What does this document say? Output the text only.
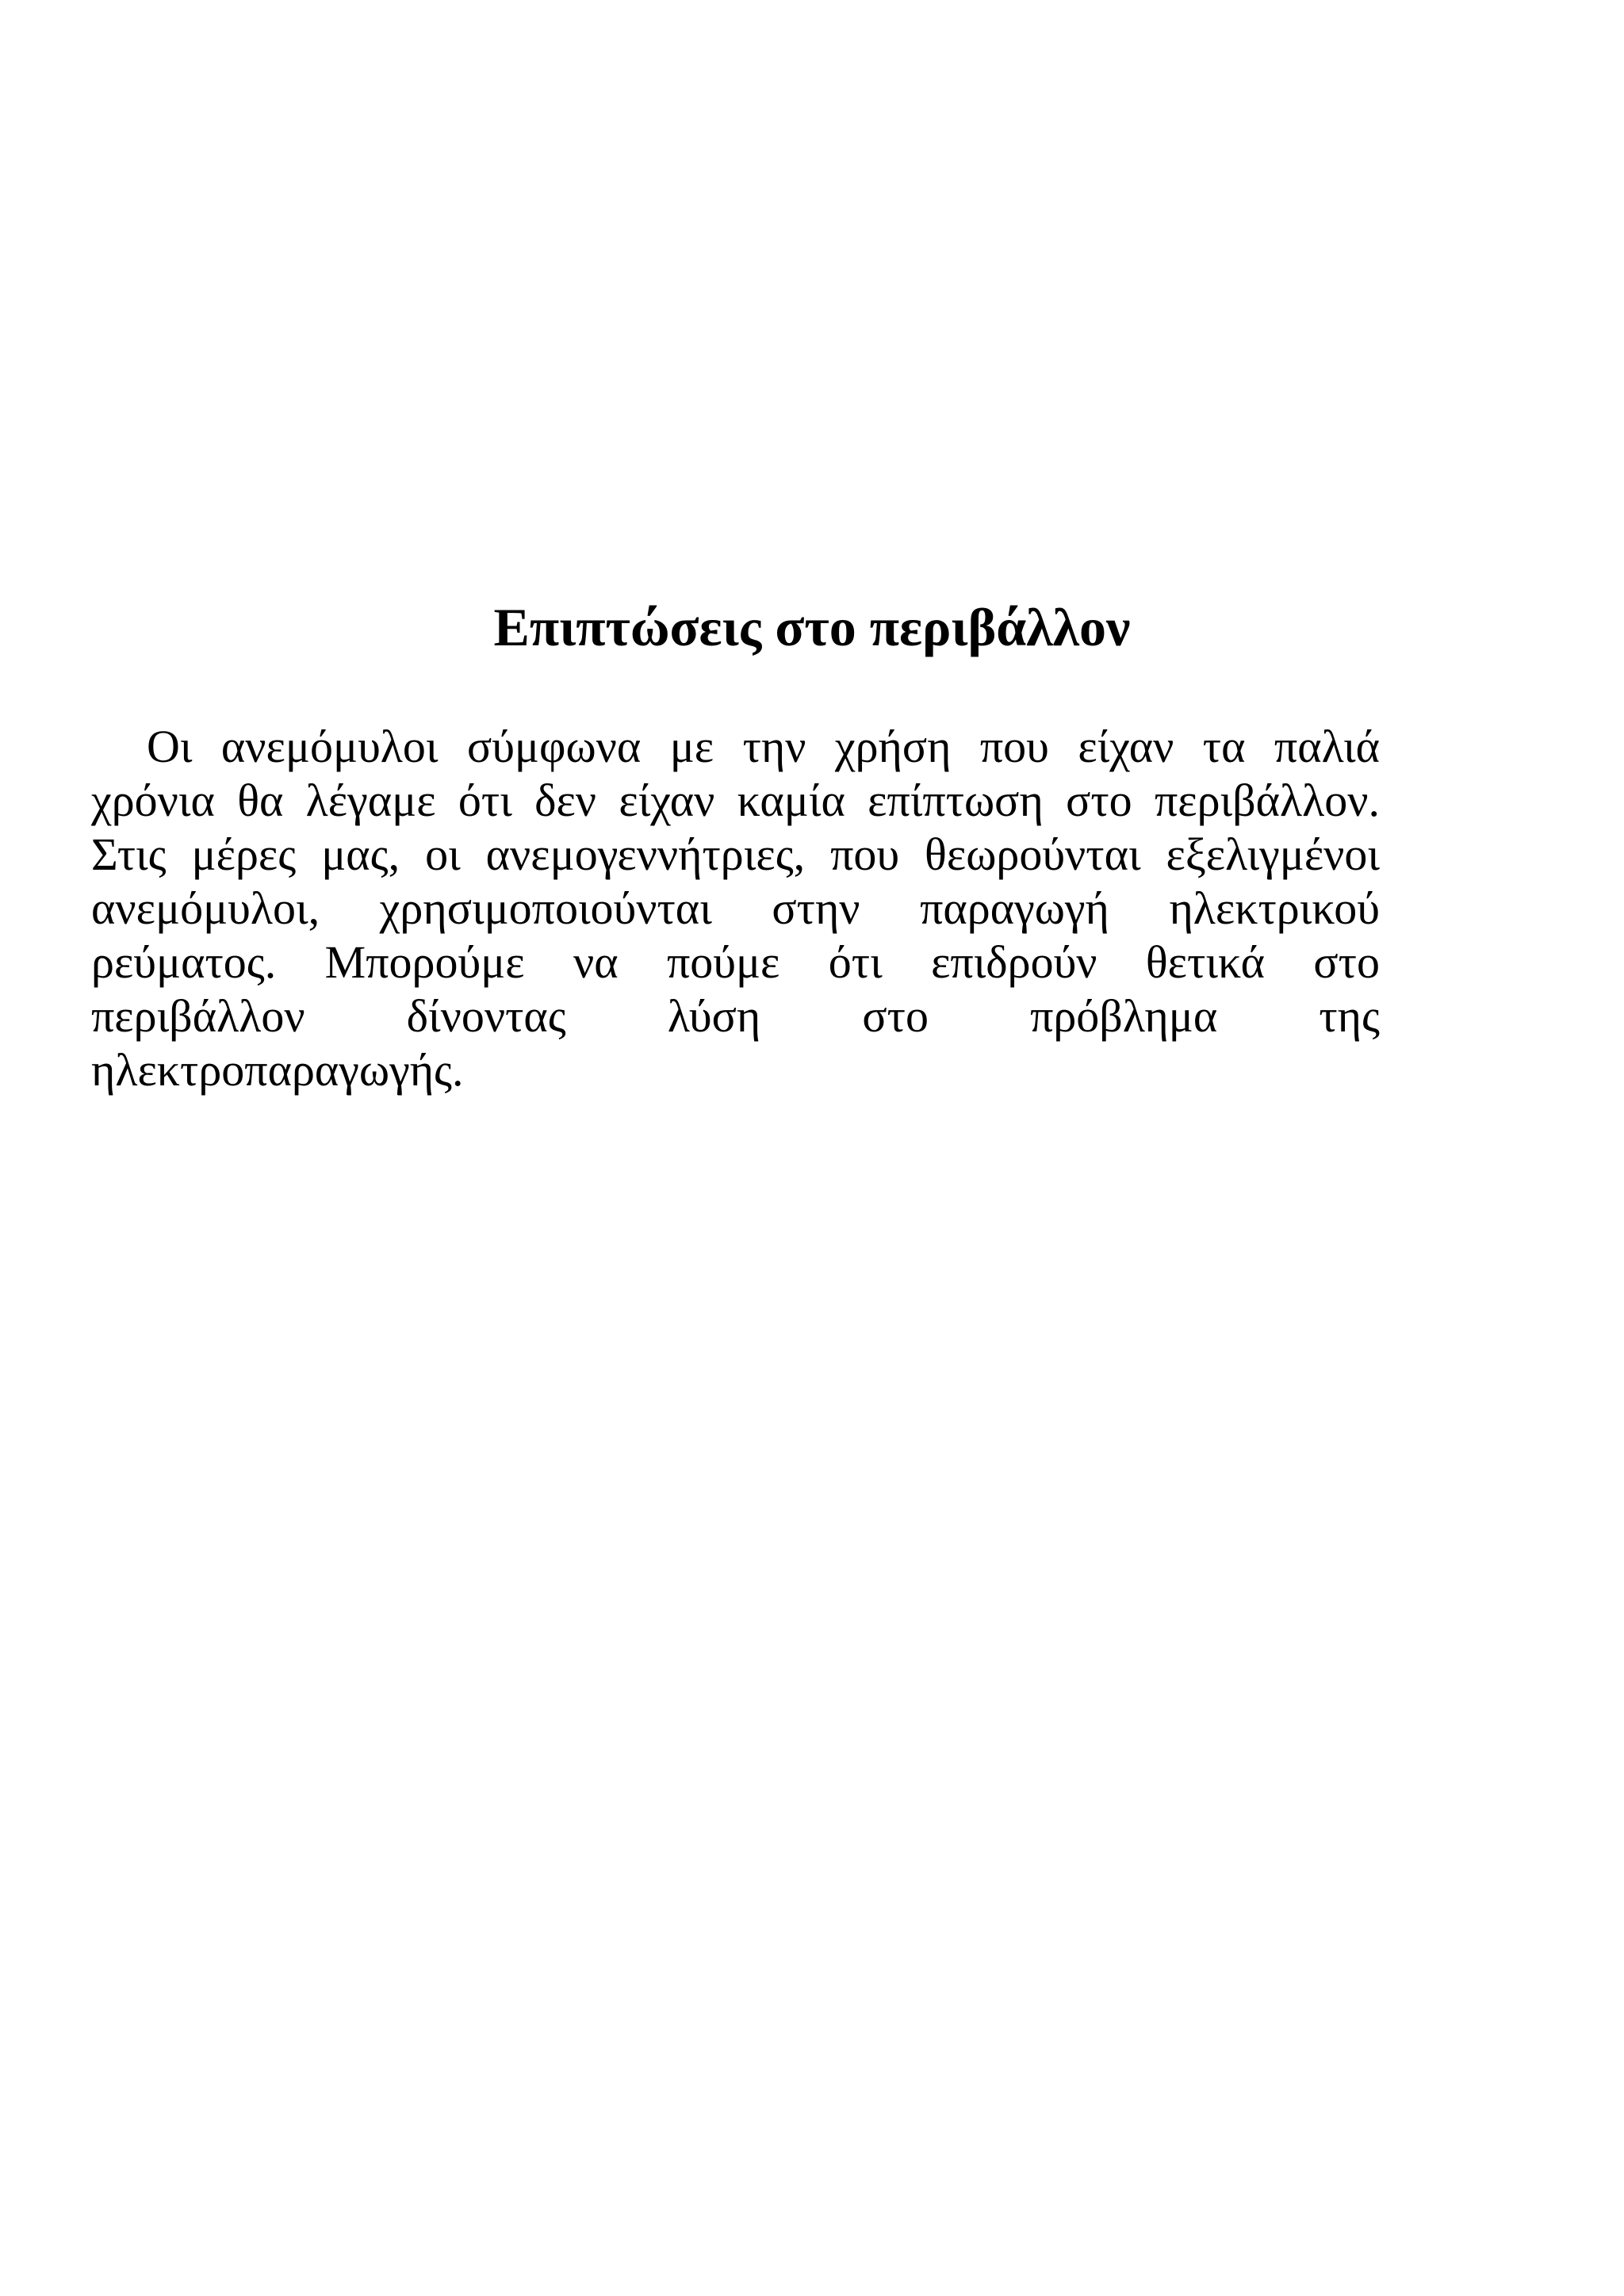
Επιπτώσεις στο περιβάλλον
Οι ανεμόμυλοι σύμφωνα με την χρήση που είχαν τα παλιά
χρόνια θα λέγαμε ότι δεν είχαν καμία επίπτωση στο περιβάλλον.
Στις μέρες μας, οι ανεμογεννήτριες, που θεωρούνται εξελιγμένοι
ανεμόμυλοι, χρησιμοποιούνται στην παραγωγή ηλεκτρικού
ρεύματος. Μπορούμε να πούμε ότι επιδρούν θετικά στο
περιβάλλον δίνοντας λύση στο πρόβλημα της
ηλεκτροπαραγωγής.
